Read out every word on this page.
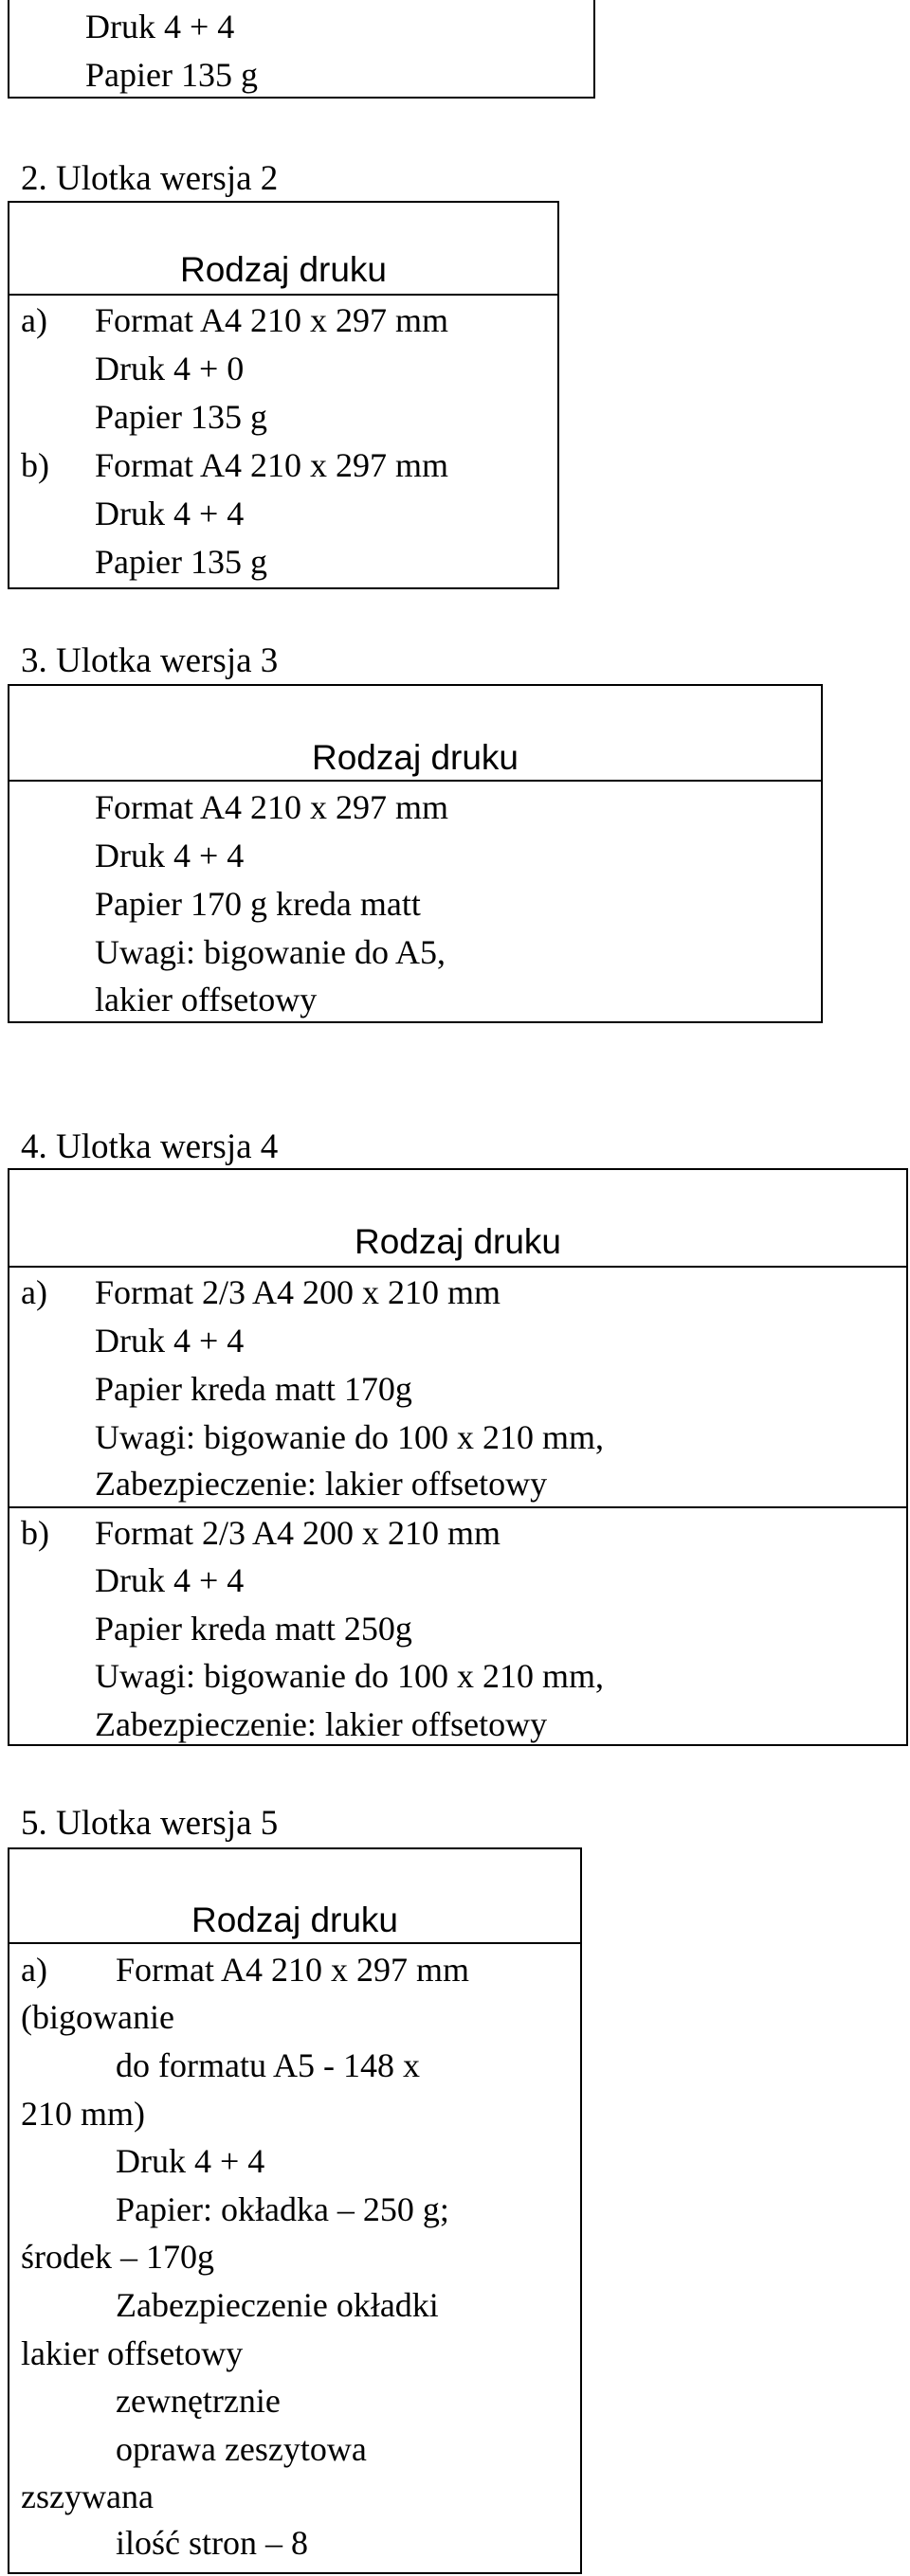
Druk 4 + 4
Papier 135 g
2. Ulotka wersja 2
Rodzaj druku
a) Format A4 210 x 297 mm
Druk 4 + 0
Papier 135 g
b) Format A4 210 x 297 mm
Druk 4 + 4
Papier 135 g
3. Ulotka wersja 3
Rodzaj druku
Format A4 210 x 297 mm
Druk 4 + 4
Papier 170 g kreda matt
Uwagi: bigowanie do A5,
lakier offsetowy
4. Ulotka wersja 4
Rodzaj druku
a) Format 2/3 A4 200 x 210 mm
Druk 4 + 4
Papier kreda matt 170g
Uwagi: bigowanie do 100 x 210 mm,
Zabezpieczenie: lakier offsetowy
b) Format 2/3 A4 200 x 210 mm
Druk 4 + 4
Papier kreda matt 250g
Uwagi: bigowanie do 100 x 210 mm,
Zabezpieczenie: lakier offsetowy
5. Ulotka wersja 5
Rodzaj druku
a) Format A4 210 x 297 mm
(bigowanie
do formatu A5 - 148 x
210 mm)
Druk 4 + 4
Papier: okładka – 250 g;
środek – 170g
Zabezpieczenie okładki
lakier offsetowy
zewnętrznie
oprawa zeszytowa
zszywana
ilość stron – 8
